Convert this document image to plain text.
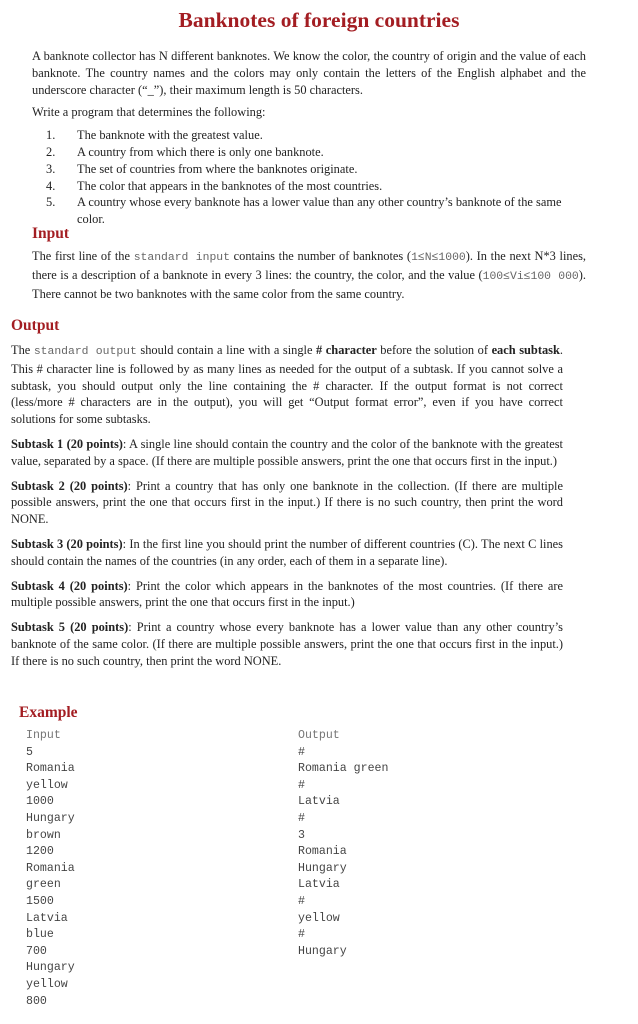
Banknotes of foreign countries

A banknote collector has N different banknotes. We know the color, the country of origin and the value of each banknote. The country names and the colors may only contain the letters of the English alphabet and the underscore character (“_”), their maximum length is 50 characters.

Write a program that determines the following:

1. The banknote with the greatest value.
2. A country from which there is only one banknote.
3. The set of countries from where the banknotes originate.
4. The color that appears in the banknotes of the most countries.
5. A country whose every banknote has a lower value than any other country’s banknote of the same color.
Input

The first line of the standard input contains the number of banknotes (1≤N≤1000). In the next N*3 lines, there is a description of a banknote in every 3 lines: the country, the color, and the value (100≤Vi≤100 000). There cannot be two banknotes with the same color from the same country.

Output

The standard output should contain a line with a single # character before the solution of each subtask. This # character line is followed by as many lines as needed for the output of a subtask. If you cannot solve a subtask, you should output only the line containing the # character. If the output format is not correct (less/more # characters are in the output), you will get “Output format error”, even if you have correct solutions for some subtasks.

Subtask 1 (20 points): A single line should contain the country and the color of the banknote with the greatest value, separated by a space. (If there are multiple possible answers, print the one that occurs first in the input.)

Subtask 2 (20 points): Print a country that has only one banknote in the collection. (If there are multiple possible answers, print the one that occurs first in the input.) If there is no such country, then print the word NONE.

Subtask 3 (20 points): In the first line you should print the number of different countries (C). The next C lines should contain the names of the countries (in any order, each of them in a separate line).

Subtask 4 (20 points): Print the color which appears in the banknotes of the most countries. (If there are multiple possible answers, print the one that occurs first in the input.)

Subtask 5 (20 points): Print a country whose every banknote has a lower value than any other country’s banknote of the same color. (If there are multiple possible answers, print the one that occurs first in the input.) If there is no such country, then print the word NONE.

Example
Input
5
Romania
yellow
1000
Hungary
brown
1200
Romania
green
1500
Latvia
blue
700
Hungary
yellow
800
Output
#
Romania green
#
Latvia
#
3
Romania
Hungary
Latvia
#
yellow
#
Hungary
